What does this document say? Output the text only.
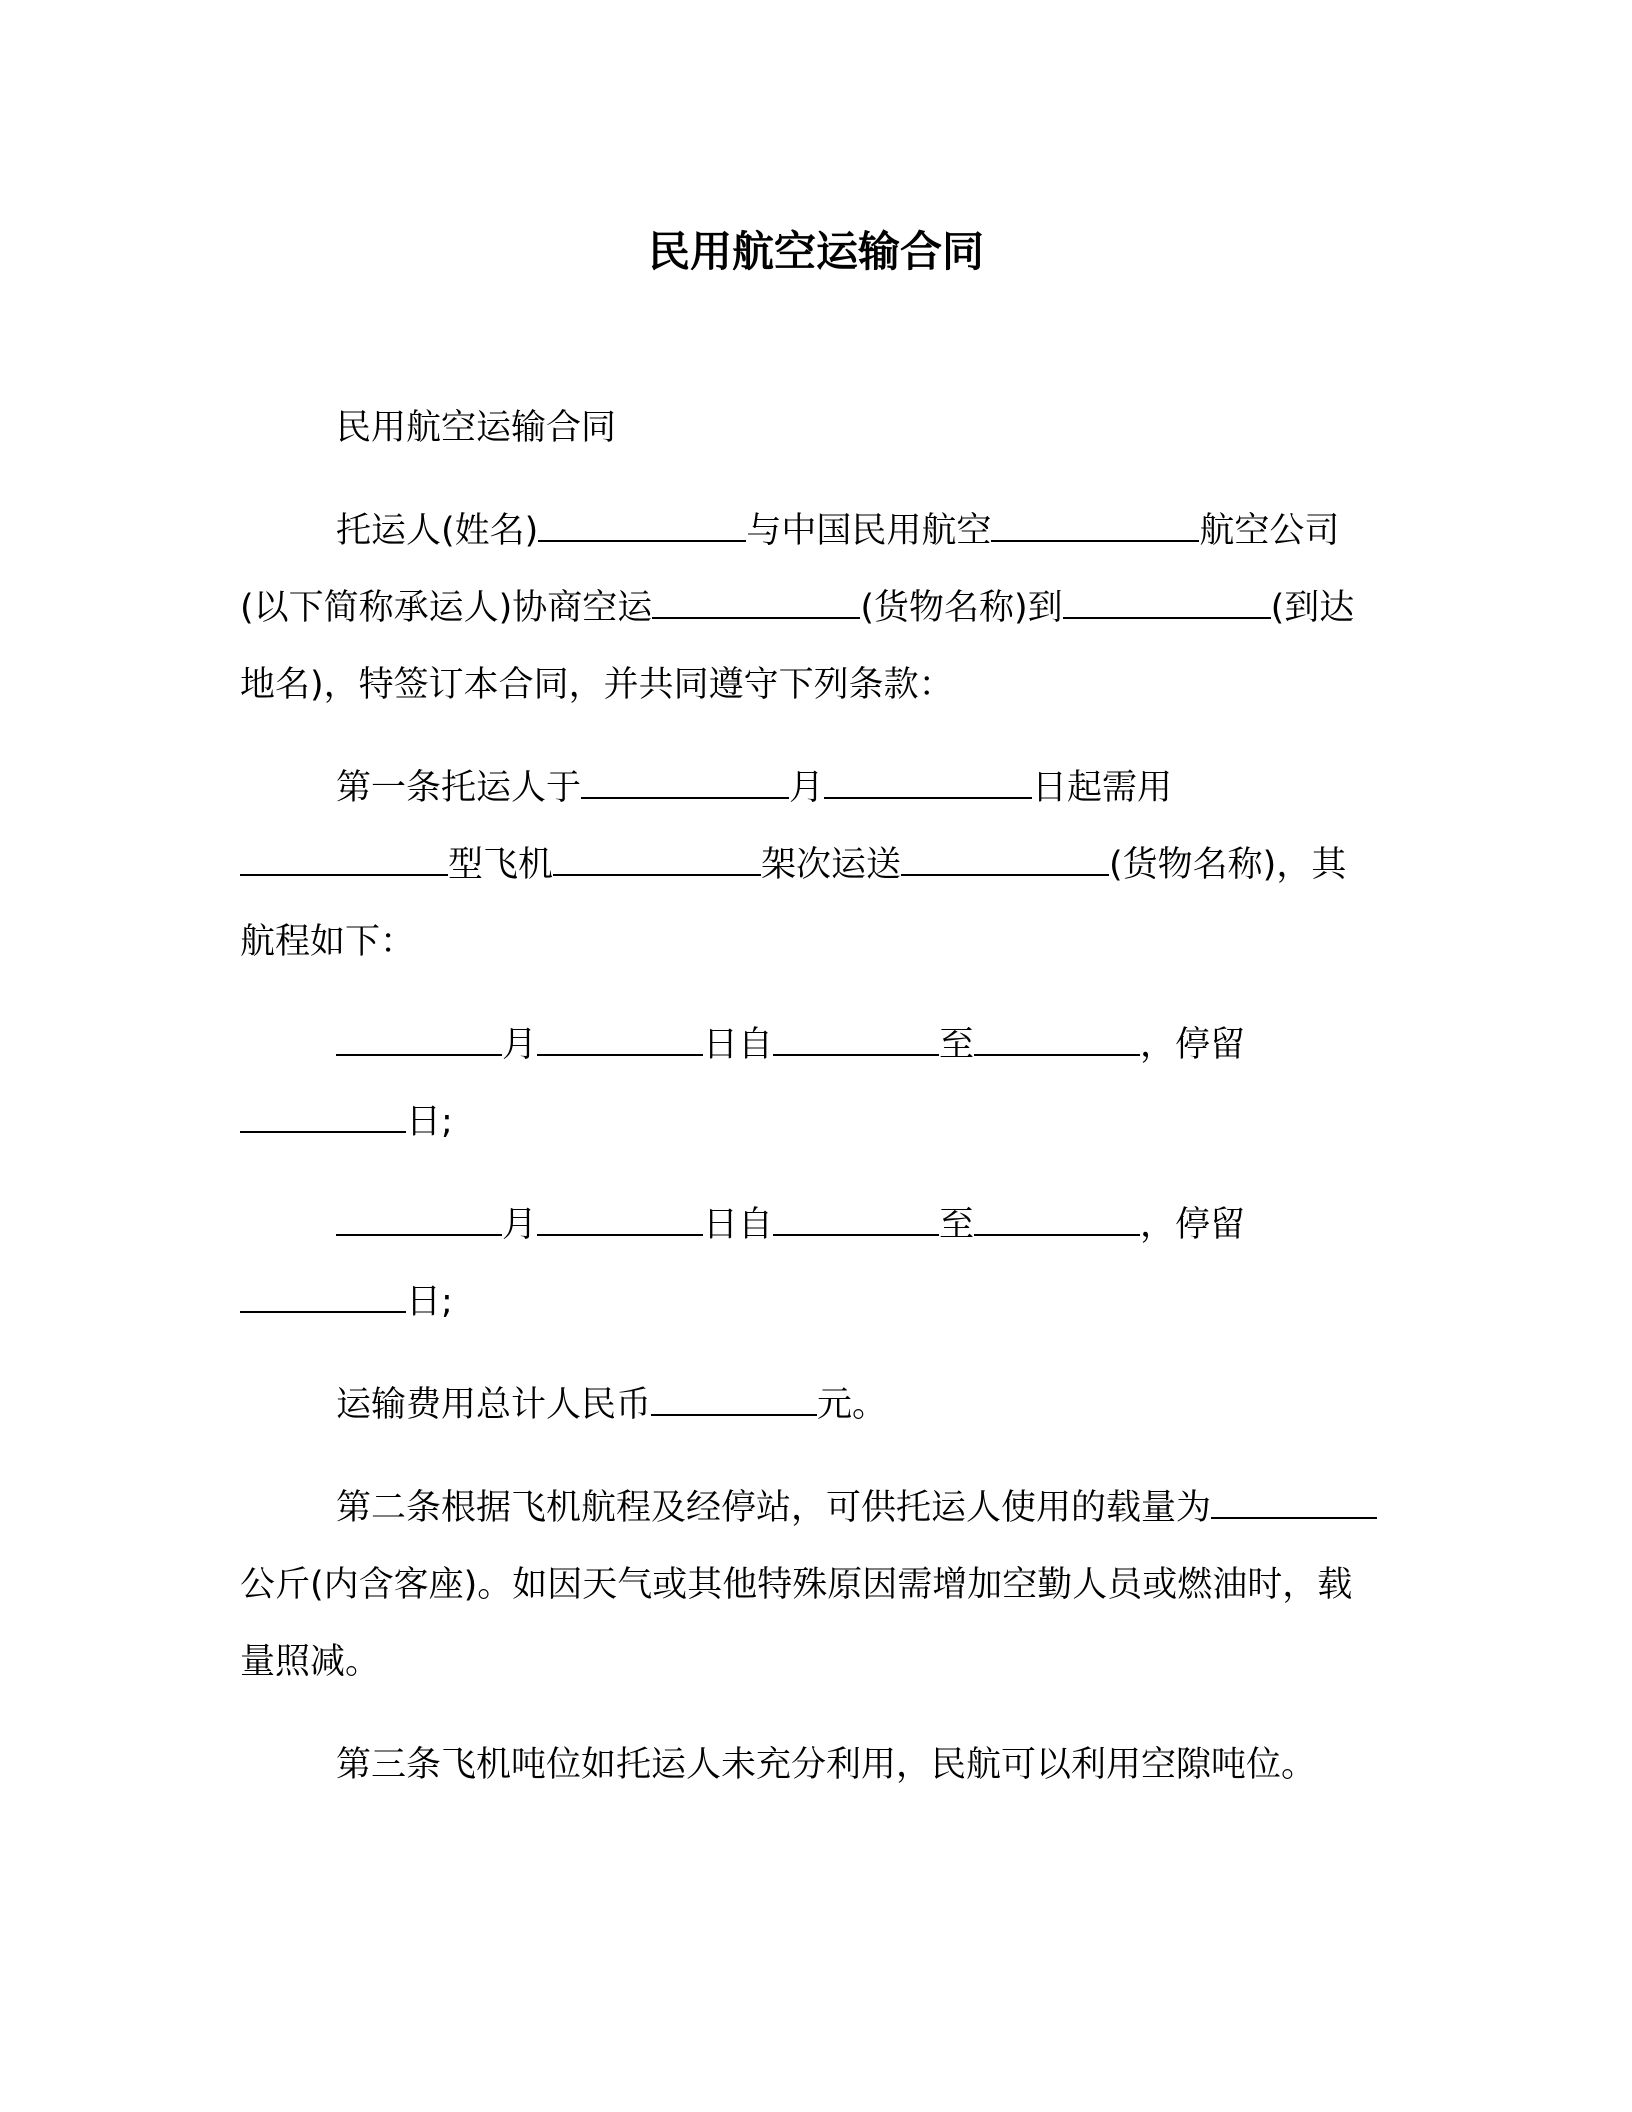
民用航空运输合同

民用航空运输合同

托运人(姓名)	与中国民用航空	航空公司(以下简称承运人)协商空运	(货物名称)到	(到达地名)，特签订本合同，并共同遵守下列条款：

第一条托运人于	月	日起需用型飞机	架次运送	(货物名称)，其航程如下：

月	日自	至	，停留日;

月	日自	至	，停留日;

运输费用总计人民币	元。

第二条根据飞机航程及经停站，可供托运人使用的载量为公斤(内含客座)。如因天气或其他特殊原因需增加空勤人员或燃油时，载量照减。

第三条飞机吨位如托运人未充分利用，民航可以利用空隙吨位。
